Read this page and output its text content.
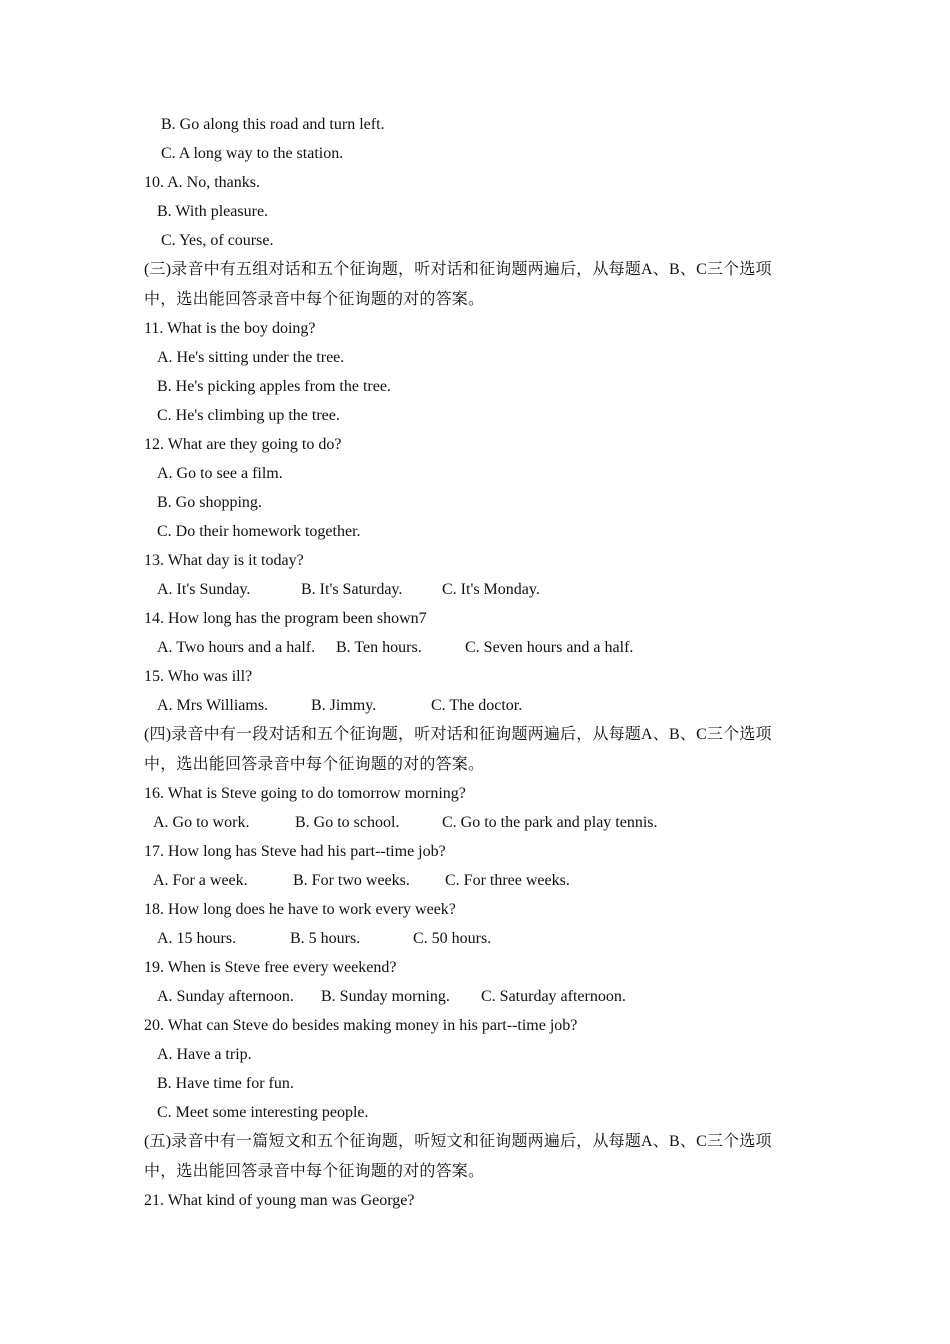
B. Go along this road and turn left.
C. A long way to the station.
10. A. No, thanks.
B. With pleasure.
C. Yes, of course.
(三)录音中有五组对话和五个征询题，听对话和征询题两遍后，从每题A、B、C三个选项
中，选出能回答录音中每个征询题的对的答案。
11. What is the boy doing?
A. He's sitting under the tree.
B. He's picking apples from the tree.
C. He's climbing up the tree.
12. What are they going to do?
A. Go to see a film.
B. Go shopping.
C. Do their homework together.
13. What day is it today?
A. It's Sunday.	B. It's Saturday. C. It's Monday.
14. How long has the program been shown7
A. Two hours and a half. B. Ten hours.	C. Seven hours and a half.
15. Who was ill?
A. Mrs Williams.	B. Jimmy.	C. The doctor.
(四)录音中有一段对话和五个征询题，听对话和征询题两遍后，从每题A、B、C三个选项
中，选出能回答录音中每个征询题的对的答案。
16. What is Steve going to do tomorrow morning?
A. Go to work.	B. Go to school.	C. Go to the park and play tennis.
17. How long has Steve had his part--time job?
A. For a week.	B. For two weeks. C. For three weeks.
18. How long does he have to work every week?
A. 15 hours.	B. 5 hours.	C. 50 hours.
19. When is Steve free every weekend?
A. Sunday afternoon. B. Sunday morning. C. Saturday afternoon.
20. What can Steve do besides making money in his part--time job?
A. Have a trip.
B. Have time for fun.
C. Meet some interesting people.
(五)录音中有一篇短文和五个征询题，听短文和征询题两遍后，从每题A、B、C三个选项
中，选出能回答录音中每个征询题的对的答案。
21. What kind of young man was George?
